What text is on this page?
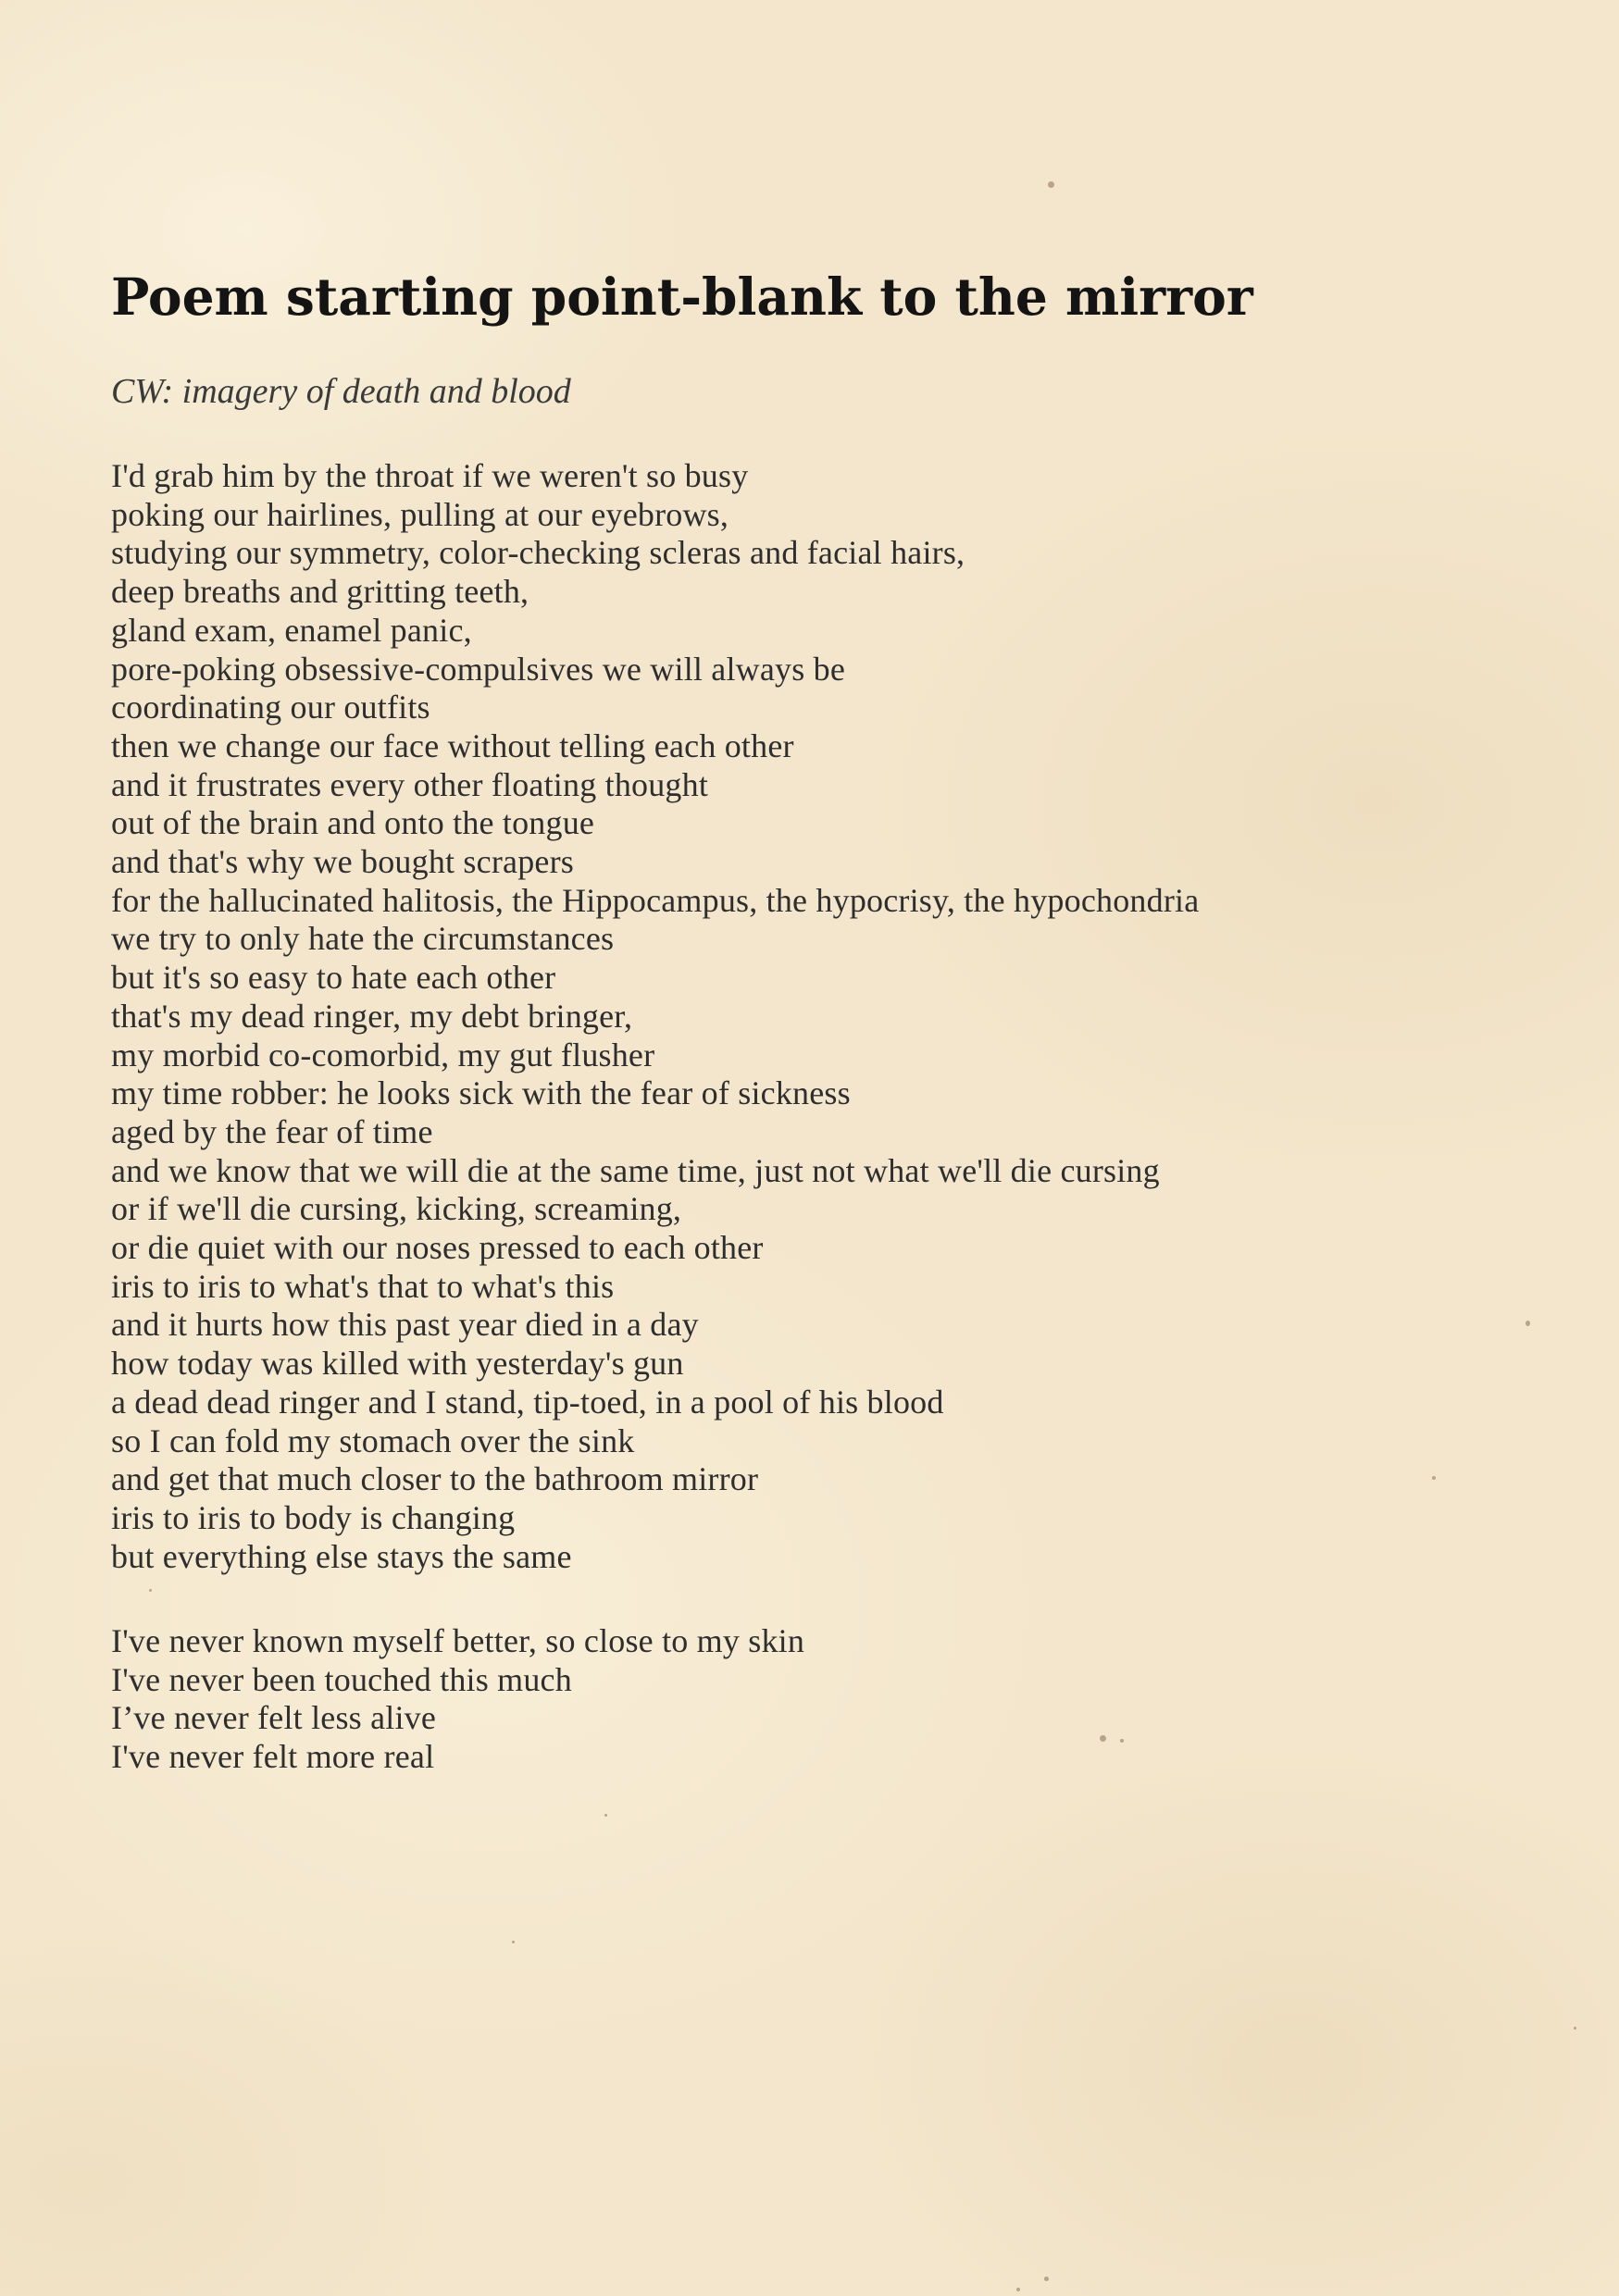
Poem starting point-blank to the mirror

CW: imagery of death and blood

I'd grab him by the throat if we weren't so busy
poking our hairlines, pulling at our eyebrows,
studying our symmetry, color-checking scleras and facial hairs,
deep breaths and gritting teeth,
gland exam, enamel panic,
pore-poking obsessive-compulsives we will always be
coordinating our outfits
then we change our face without telling each other
and it frustrates every other floating thought
out of the brain and onto the tongue
and that's why we bought scrapers
for the hallucinated halitosis, the Hippocampus, the hypocrisy, the hypochondria
we try to only hate the circumstances
but it's so easy to hate each other
that's my dead ringer, my debt bringer,
my morbid co-comorbid, my gut flusher
my time robber: he looks sick with the fear of sickness
aged by the fear of time
and we know that we will die at the same time, just not what we'll die cursing
or if we'll die cursing, kicking, screaming,
or die quiet with our noses pressed to each other
iris to iris to what's that to what's this
and it hurts how this past year died in a day
how today was killed with yesterday's gun
a dead dead ringer and I stand, tip-toed, in a pool of his blood
so I can fold my stomach over the sink
and get that much closer to the bathroom mirror
iris to iris to body is changing
but everything else stays the same
I've never known myself better, so close to my skin
I've never been touched this much
I’ve never felt less alive
I've never felt more real
